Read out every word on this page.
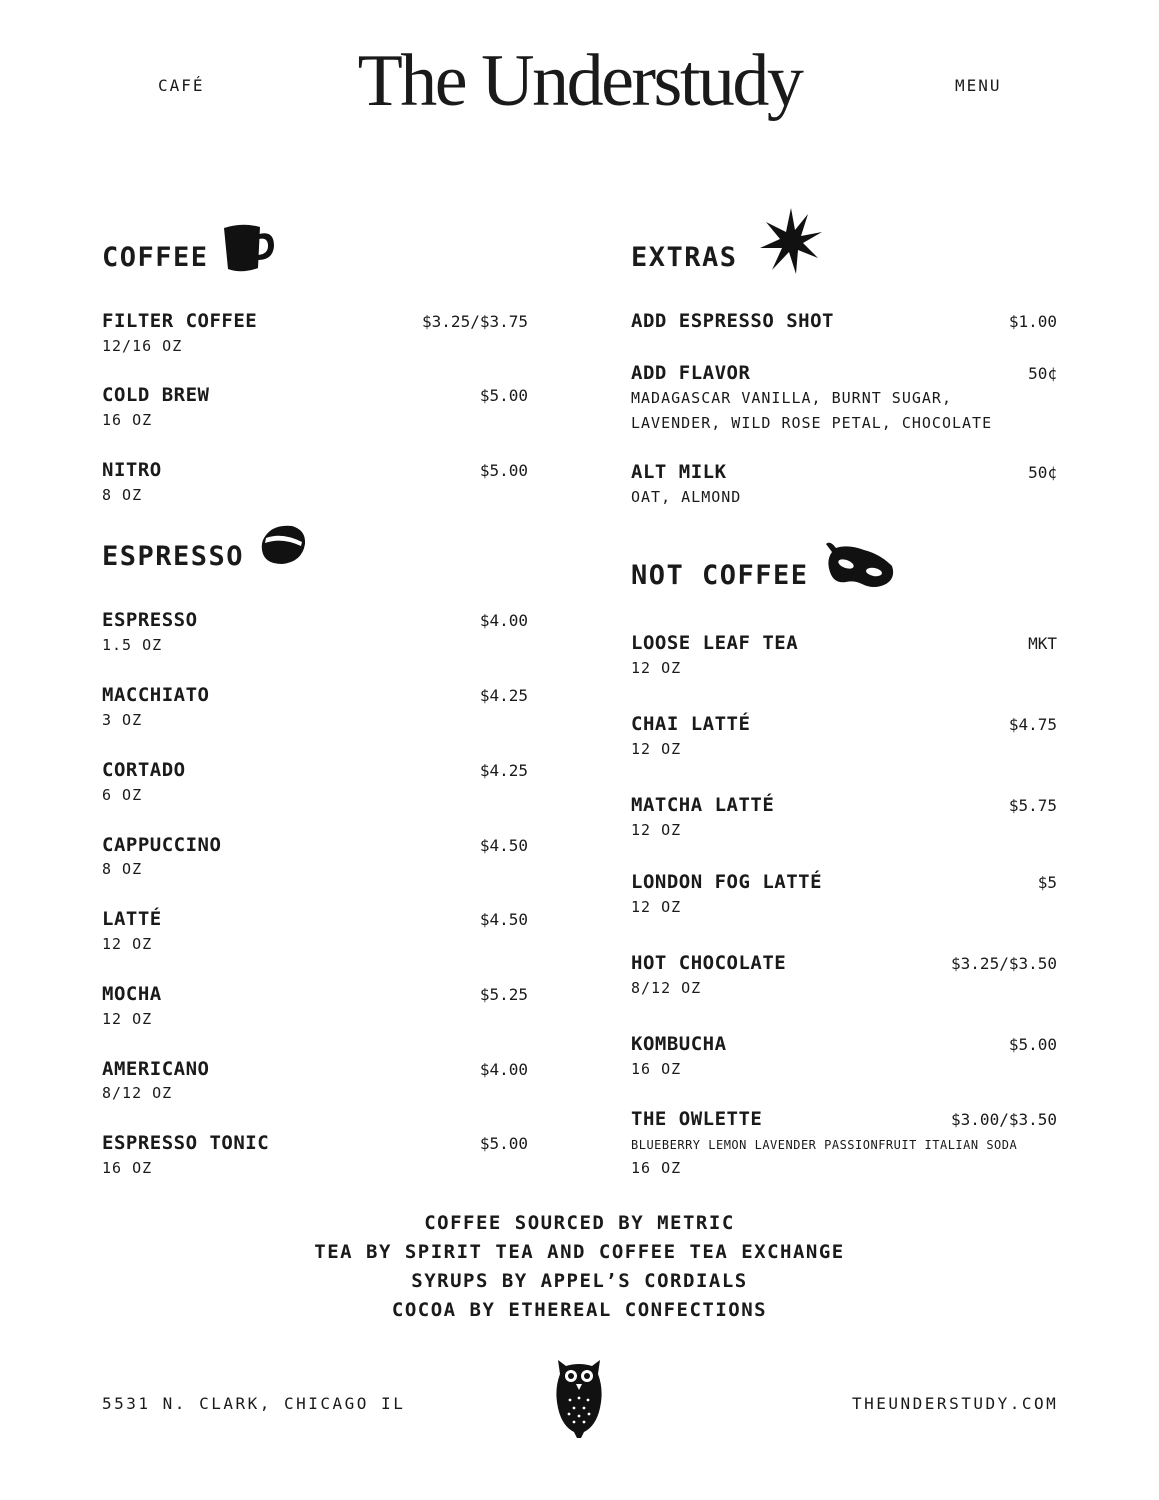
CAFÉ	The Understudy	MENU
COFFEE
FILTER COFFEE	$3.25/$3.75
12/16 OZ
COLD BREW	$5.00
16 OZ
NITRO	$5.00
8 OZ
ESPRESSO
ESPRESSO	$4.00
1.5 OZ
MACCHIATO	$4.25
3 OZ
CORTADO	$4.25
6 OZ
CAPPUCCINO	$4.50
8 OZ
LATTÉ	$4.50
12 OZ
MOCHA	$5.25
12 OZ
AMERICANO	$4.00
8/12 OZ
ESPRESSO TONIC	$5.00
16 OZ
EXTRAS
ADD ESPRESSO SHOT	$1.00
ADD FLAVOR	50¢
MADAGASCAR VANILLA, BURNT SUGAR,
LAVENDER, WILD ROSE PETAL, CHOCOLATE
ALT MILK	50¢
OAT, ALMOND
NOT COFFEE
LOOSE LEAF TEA	MKT
12 OZ
CHAI LATTÉ	$4.75
12 OZ
MATCHA LATTÉ	$5.75
12 OZ
LONDON FOG LATTÉ	$5
12 OZ
HOT CHOCOLATE	$3.25/$3.50
8/12 OZ
KOMBUCHA	$5.00
16 OZ
THE OWLETTE	$3.00/$3.50
BLUEBERRY LEMON LAVENDER PASSIONFRUIT ITALIAN SODA
16 OZ
COFFEE SOURCED BY METRIC
TEA BY SPIRIT TEA AND COFFEE TEA EXCHANGE
SYRUPS BY APPEL’S CORDIALS
COCOA BY ETHEREAL CONFECTIONS
5531 N. CLARK, CHICAGO IL	THEUNDERSTUDY.COM
